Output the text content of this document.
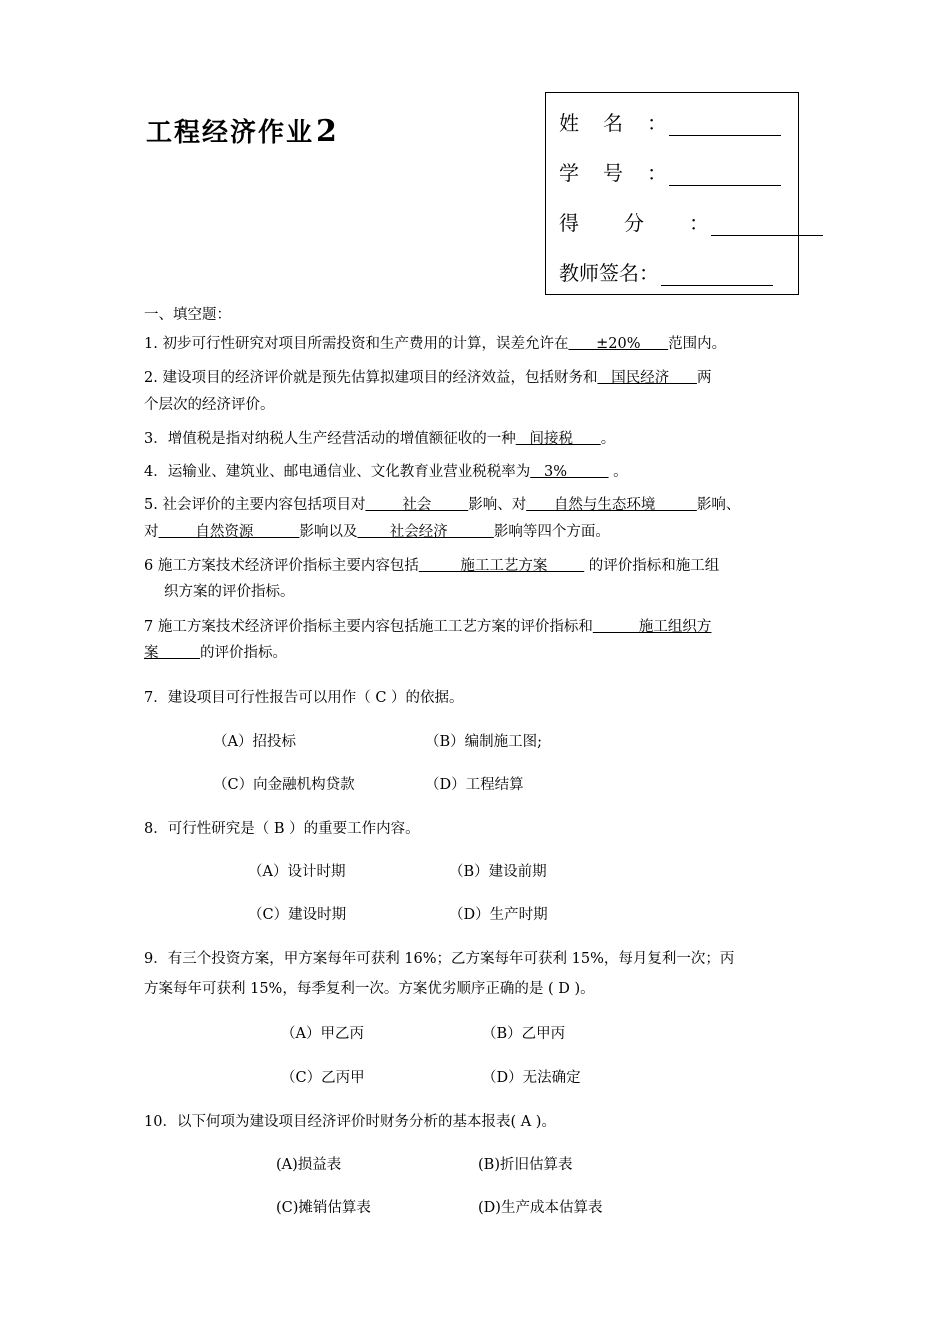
工程经济作业2	姓名：
学号：
得分：
教师签名：
一、填空题：
1. 初步可行性研究对项目所需投资和生产费用的计算，误差允许在      ±20%      范围内。
2. 建设项目的经济评价就是预先估算拟建项目的经济效益，包括财务和   国民经济      两
个层次的经济评价。
3．增值税是指对纳税人生产经营活动的增值额征收的一种   间接税      。
4．运输业、建筑业、邮电通信业、文化教育业营业税税率为   3%          。
5. 社会评价的主要内容包括项目对        社会        影响、对      自然与生态环境         影响、
对        自然资源          影响以及       社会经济          影响等四个方面。
6 施工方案技术经济评价指标主要内容包括         施工工艺方案         的评价指标和施工组
织方案的评价指标。
7 施工方案技术经济评价指标主要内容包括施工工艺方案的评价指标和          施工组织方
案         的评价指标。
7．建设项目可行性报告可以用作（ C ）的依据。
（A）招投标	（B）编制施工图;
（C）向金融机构贷款	（D）工程结算
8．可行性研究是（ B ）的重要工作内容。
（A）设计时期	（B）建设前期
（C）建设时期	（D）生产时期
9．有三个投资方案，甲方案每年可获利 16%；乙方案每年可获利 15%，每月复利一次；丙
方案每年可获利 15%，每季复利一次。方案优劣顺序正确的是 ( D )。
（A）甲乙丙	（B）乙甲丙
（C）乙丙甲	（D）无法确定
10．以下何项为建设项目经济评价时财务分析的基本报表( A )。
(A)损益表	(B)折旧估算表
(C)摊销估算表	(D)生产成本估算表
